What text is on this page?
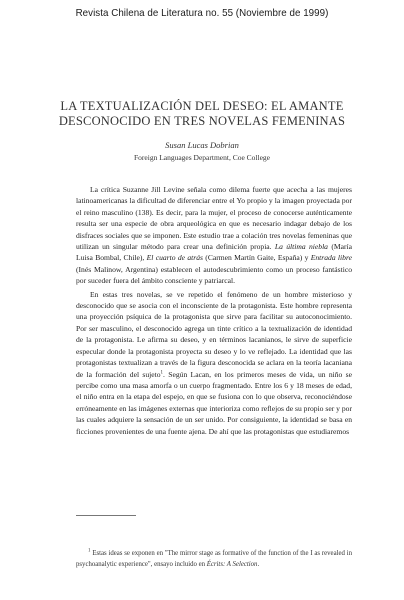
Revista Chilena de Literatura no. 55 (Noviembre de 1999)
LA TEXTUALIZACIÓN DEL DESEO: EL AMANTE
DESCONOCIDO EN TRES NOVELAS FEMENINAS
Susan Lucas Dobrian
Foreign Languages Department, Coe College

La crítica Suzanne Jill Levine señala como dilema fuerte que acecha a las mujeres latinoamericanas la dificultad de diferenciar entre el Yo propio y la imagen proyectada por el reino masculino (138). Es decir, para la mujer, el proceso de conocerse auténticamente resulta ser una especie de obra arqueológica en que es necesario indagar debajo de los disfraces sociales que se imponen. Este estudio trae a colación tres novelas femeninas que utilizan un singular método para crear una definición propia. La última niebla (María Luisa Bombal, Chile), El cuarto de atrás (Carmen Martín Gaite, España) y Entrada libre (Inés Malinow, Argentina) establecen el autodescubrimiento como un proceso fantástico por suceder fuera del ámbito consciente y patriarcal.

En estas tres novelas, se ve repetido el fenómeno de un hombre misterioso y desconocido que se asocia con el inconsciente de la protagonista. Este hombre representa una proyección psíquica de la protagonista que sirve para facilitar su autoconocimiento. Por ser masculino, el desconocido agrega un tinte crítico a la textualización de identidad de la protagonista. Le afirma su deseo, y en términos lacanianos, le sirve de superficie especular donde la protagonista proyecta su deseo y lo ve reflejado. La identidad que las protagonistas textualizan a través de la figura desconocida se aclara en la teoría lacaniana de la formación del sujeto$^1$. Según Lacan, en los primeros meses de vida, un niño se percibe como una masa amorfa o un cuerpo fragmentado. Entre los 6 y 18 meses de edad, el niño entra en la etapa del espejo, en que se fusiona con lo que observa, reconociéndose erróneamente en las imágenes externas que interioriza como reflejos de su propio ser y por las cuales adquiere la sensación de un ser unido. Por consiguiente, la identidad se basa en ficciones provenientes de una fuente ajena. De ahí que las protagonistas que estudiaremos

$^1$ Estas ideas se exponen en "The mirror stage as formative of the function of the I as revealed in psychoanalytic experience", ensayo incluido en Écrits: A Selection.
